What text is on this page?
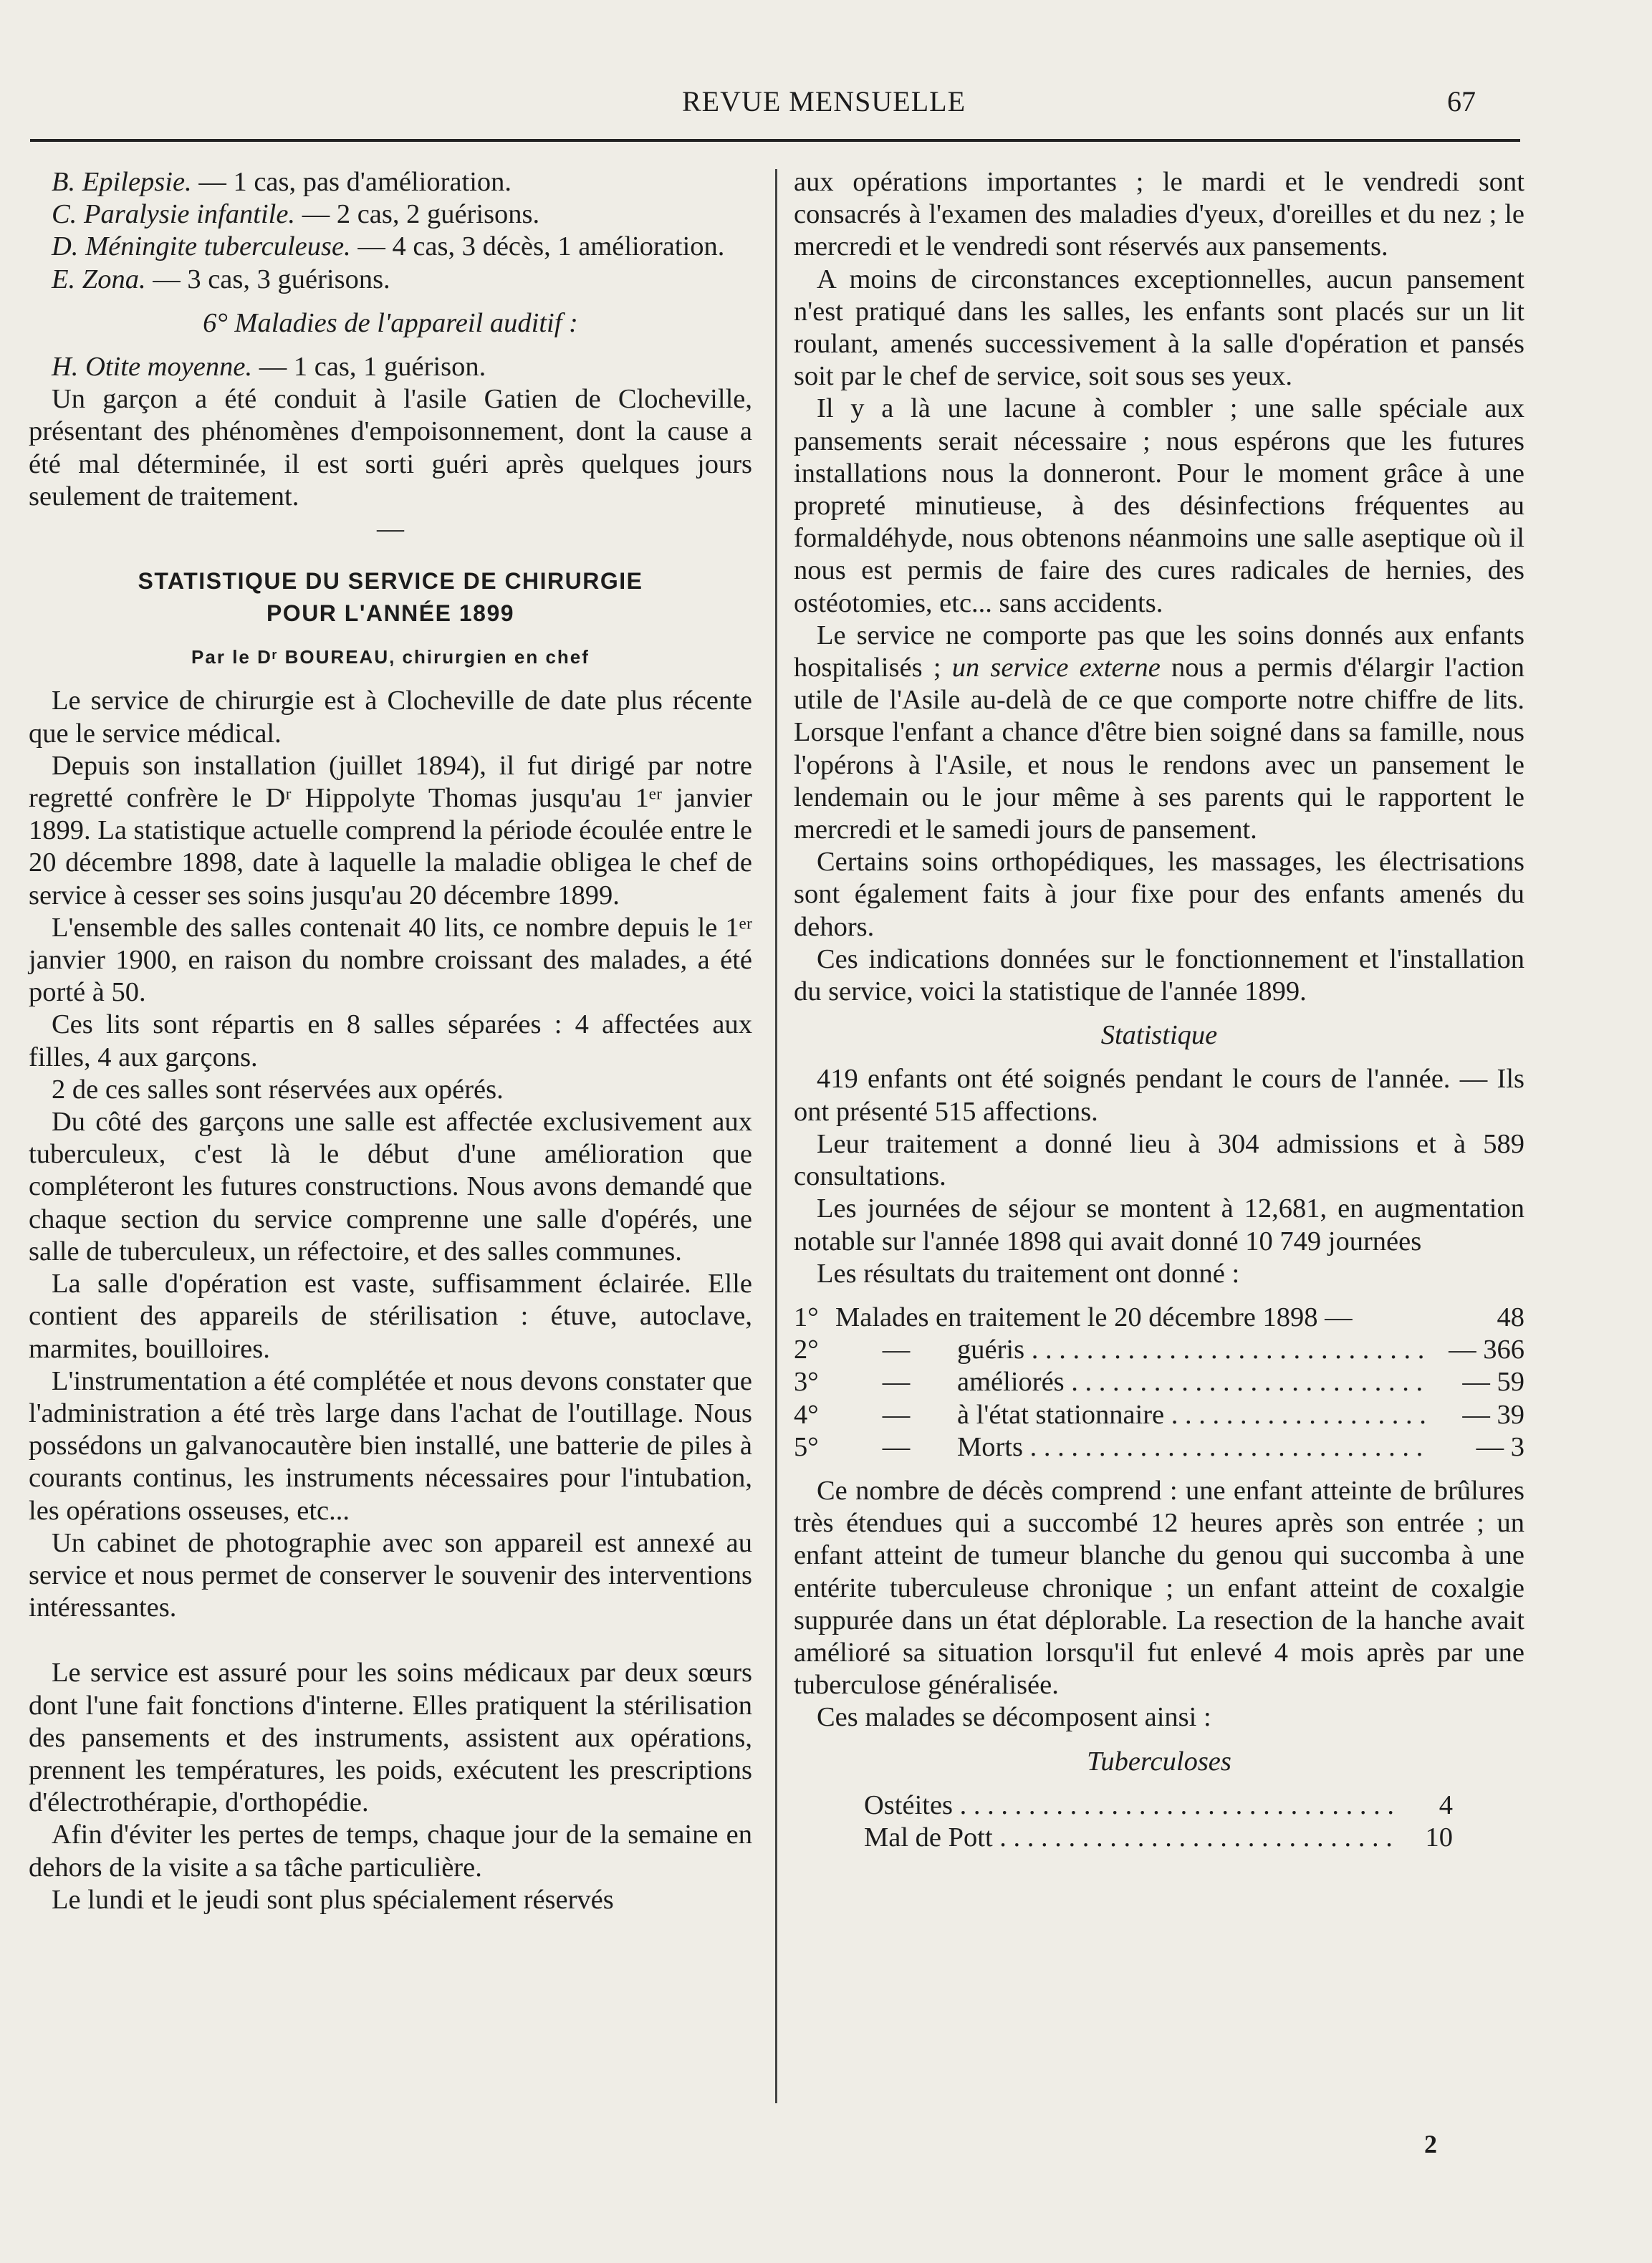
REVUE MENSUELLE	67

B. Epilepsie. — 1 cas, pas d'amélioration.

C. Paralysie infantile. — 2 cas, 2 guérisons.

D. Méningite tuberculeuse. — 4 cas, 3 décès, 1 amélioration.

E. Zona. — 3 cas, 3 guérisons.

6° Maladies de l'appareil auditif :

H. Otite moyenne. — 1 cas, 1 guérison.

Un garçon a été conduit à l'asile Gatien de Clocheville, présentant des phénomènes d'empoisonnement, dont la cause a été mal déterminée, il est sorti guéri après quelques jours seulement de traitement.

—

STATISTIQUE DU SERVICE DE CHIRURGIE

POUR L'ANNÉE 1899

Par le Dʳ BOUREAU, chirurgien en chef

Le service de chirurgie est à Clocheville de date plus récente que le service médical.

Depuis son installation (juillet 1894), il fut dirigé par notre regretté confrère le Dʳ Hippolyte Thomas jusqu'au 1ᵉʳ janvier 1899. La statistique actuelle comprend la période écoulée entre le 20 décembre 1898, date à laquelle la maladie obligea le chef de service à cesser ses soins jusqu'au 20 décembre 1899.

L'ensemble des salles contenait 40 lits, ce nombre depuis le 1ᵉʳ janvier 1900, en raison du nombre croissant des malades, a été porté à 50.

Ces lits sont répartis en 8 salles séparées : 4 affectées aux filles, 4 aux garçons.

2 de ces salles sont réservées aux opérés.

Du côté des garçons une salle est affectée exclusivement aux tuberculeux, c'est là le début d'une amélioration que compléteront les futures constructions. Nous avons demandé que chaque section du service comprenne une salle d'opérés, une salle de tuberculeux, un réfectoire, et des salles communes.

La salle d'opération est vaste, suffisamment éclairée. Elle contient des appareils de stérilisation : étuve, autoclave, marmites, bouilloires.

L'instrumentation a été complétée et nous devons constater que l'administration a été très large dans l'achat de l'outillage. Nous possédons un galvanocautère bien installé, une batterie de piles à courants continus, les instruments nécessaires pour l'intubation, les opérations osseuses, etc...

Un cabinet de photographie avec son appareil est annexé au service et nous permet de conserver le souvenir des interventions intéressantes.

Le service est assuré pour les soins médicaux par deux sœurs dont l'une fait fonctions d'interne. Elles pratiquent la stérilisation des pansements et des instruments, assistent aux opérations, prennent les températures, les poids, exécutent les prescriptions d'électrothérapie, d'orthopédie.

Afin d'éviter les pertes de temps, chaque jour de la semaine en dehors de la visite a sa tâche particulière.

Le lundi et le jeudi sont plus spécialement réservés

aux opérations importantes ; le mardi et le vendredi sont consacrés à l'examen des maladies d'yeux, d'oreilles et du nez ; le mercredi et le vendredi sont réservés aux pansements.

A moins de circonstances exceptionnelles, aucun pansement n'est pratiqué dans les salles, les enfants sont placés sur un lit roulant, amenés successivement à la salle d'opération et pansés soit par le chef de service, soit sous ses yeux.

Il y a là une lacune à combler ; une salle spéciale aux pansements serait nécessaire ; nous espérons que les futures installations nous la donneront. Pour le moment grâce à une propreté minutieuse, à des désinfections fréquentes au formaldéhyde, nous obtenons néanmoins une salle aseptique où il nous est permis de faire des cures radicales de hernies, des ostéotomies, etc... sans accidents.

Le service ne comporte pas que les soins donnés aux enfants hospitalisés ; un service externe nous a permis d'élargir l'action utile de l'Asile au-delà de ce que comporte notre chiffre de lits. Lorsque l'enfant a chance d'être bien soigné dans sa famille, nous l'opérons à l'Asile, et nous le rendons avec un pansement le lendemain ou le jour même à ses parents qui le rapportent le mercredi et le samedi jours de pansement.

Certains soins orthopédiques, les massages, les électrisations sont également faits à jour fixe pour des enfants amenés du dehors.

Ces indications données sur le fonctionnement et l'installation du service, voici la statistique de l'année 1899.

Statistique

419 enfants ont été soignés pendant le cours de l'année. — Ils ont présenté 515 affections.

Leur traitement a donné lieu à 304 admissions et à 589 consultations.

Les journées de séjour se montent à 12,681, en augmentation notable sur l'année 1898 qui avait donné 10 749 journées

Les résultats du traitement ont donné :

1° Malades en traitement le 20 décembre 1898 —	48
2°	—	guéris . . .	— 366
3°	—	améliorés . . .	— 59
4°	—	à l'état stationnaire . . .	— 39
5°	—	Morts . . .	— 3

Ce nombre de décès comprend : une enfant atteinte de brûlures très étendues qui a succombé 12 heures après son entrée ; un enfant atteint de tumeur blanche du genou qui succomba à une entérite tuberculeuse chronique ; un enfant atteint de coxalgie suppurée dans un état déplorable. La resection de la hanche avait amélioré sa situation lorsqu'il fut enlevé 4 mois après par une tuberculose généralisée.

Ces malades se décomposent ainsi :

Tuberculoses

Ostéites . . .	4
Mal de Pott . . .	10
2
